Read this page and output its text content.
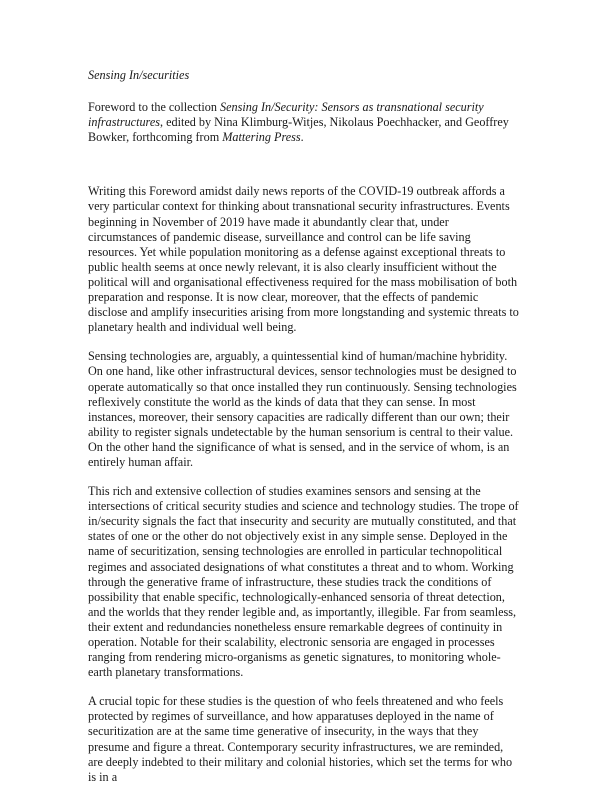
Sensing In/securities
Foreword to the collection Sensing In/Security: Sensors as transnational security infrastructures, edited by Nina Klimburg-Witjes, Nikolaus Poechhacker, and Geoffrey Bowker, forthcoming from Mattering Press.

Writing this Foreword amidst daily news reports of the COVID-19 outbreak affords a very particular context for thinking about transnational security infrastructures. Events beginning in November of 2019 have made it abundantly clear that, under circumstances of pandemic disease, surveillance and control can be life saving resources. Yet while population monitoring as a defense against exceptional threats to public health seems at once newly relevant, it is also clearly insufficient without the political will and organisational effectiveness required for the mass mobilisation of both preparation and response. It is now clear, moreover, that the effects of pandemic disclose and amplify insecurities arising from more longstanding and systemic threats to planetary health and individual well being.

Sensing technologies are, arguably, a quintessential kind of human/machine hybridity. On one hand, like other infrastructural devices, sensor technologies must be designed to operate automatically so that once installed they run continuously. Sensing technologies reflexively constitute the world as the kinds of data that they can sense. In most instances, moreover, their sensory capacities are radically different than our own; their ability to register signals undetectable by the human sensorium is central to their value. On the other hand the significance of what is sensed, and in the service of whom, is an entirely human affair.

This rich and extensive collection of studies examines sensors and sensing at the intersections of critical security studies and science and technology studies. The trope of in/security signals the fact that insecurity and security are mutually constituted, and that states of one or the other do not objectively exist in any simple sense. Deployed in the name of securitization, sensing technologies are enrolled in particular technopolitical regimes and associated designations of what constitutes a threat and to whom. Working through the generative frame of infrastructure, these studies track the conditions of possibility that enable specific, technologically-enhanced sensoria of threat detection, and the worlds that they render legible and, as importantly, illegible. Far from seamless, their extent and redundancies nonetheless ensure remarkable degrees of continuity in operation. Notable for their scalability, electronic sensoria are engaged in processes ranging from rendering micro-organisms as genetic signatures, to monitoring whole-earth planetary transformations.

A crucial topic for these studies is the question of who feels threatened and who feels protected by regimes of surveillance, and how apparatuses deployed in the name of securitization are at the same time generative of insecurity, in the ways that they presume and figure a threat. Contemporary security infrastructures, we are reminded, are deeply indebted to their military and colonial histories, which set the terms for who is in a
